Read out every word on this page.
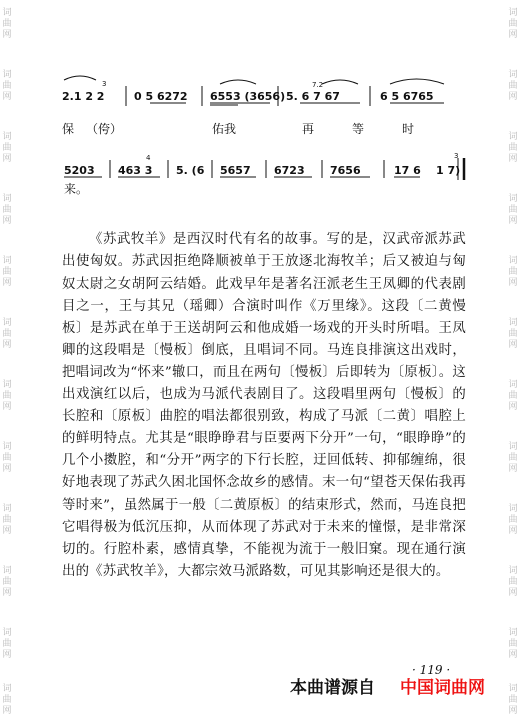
词
曲
网
词
曲
网
词
曲
网
词
曲
网
词
曲
网
词
曲
网
词
曲
网
词
曲
网
词
曲
网
词
曲
网
词
曲
网
词
曲
网
词
曲
网
词
曲
网
词
曲
网
词
曲
网
词
曲
网
词
曲
网
词
曲
网
词
曲
网
词
曲
网
词
曲
网
词
曲
网
词
曲
网
2.1 2 2	0 5 6272 6553 (3656) 5. 6 7 67	6 5 6765
5203 463 3 5. (6 5657 6723 7656	17 6 1 7)
3	7.2
4	3
保 （侉）	佑我	再	等	时
来。

《苏武牧羊》是西汉时代有名的故事。写的是，汉武帝派苏武出使匈奴。苏武因拒绝降顺被单于王放逐北海牧羊；后又被迫与匈奴太尉之女胡阿云结婚。此戏早年是著名汪派老生王凤卿的代表剧目之一，王与其兄（瑶卿）合演时叫作《万里缘》。这段〔二黄慢板〕是苏武在单于王送胡阿云和他成婚一场戏的开头时所唱。王凤卿的这段唱是〔慢板〕倒底，且唱词不同。马连良排演这出戏时，把唱词改为“怀来”辙口，而且在两句〔慢板〕后即转为〔原板〕。这出戏演红以后，也成为马派代表剧目了。这段唱里两句〔慢板〕的长腔和〔原板〕曲腔的唱法都很别致，构成了马派〔二黄〕唱腔上的鲜明特点。尤其是“眼睁睁君与臣要两下分开”一句，“眼睁睁”的几个小擞腔，和“分开”两字的下行长腔，迂回低转、抑郁缠绵，很好地表现了苏武久困北国怀念故乡的感情。末一句“望苍天保佑我再等时来”，虽然属于一般〔二黄原板〕的结束形式，然而，马连良把它唱得极为低沉压抑，从而体现了苏武对于未来的憧憬，是非常深切的。行腔朴素，感情真挚，不能视为流于一般旧窠。现在通行演出的《苏武牧羊》，大都宗效马派路数，可见其影响还是很大的。

· 119 ·
本曲谱源自 中国词曲网
